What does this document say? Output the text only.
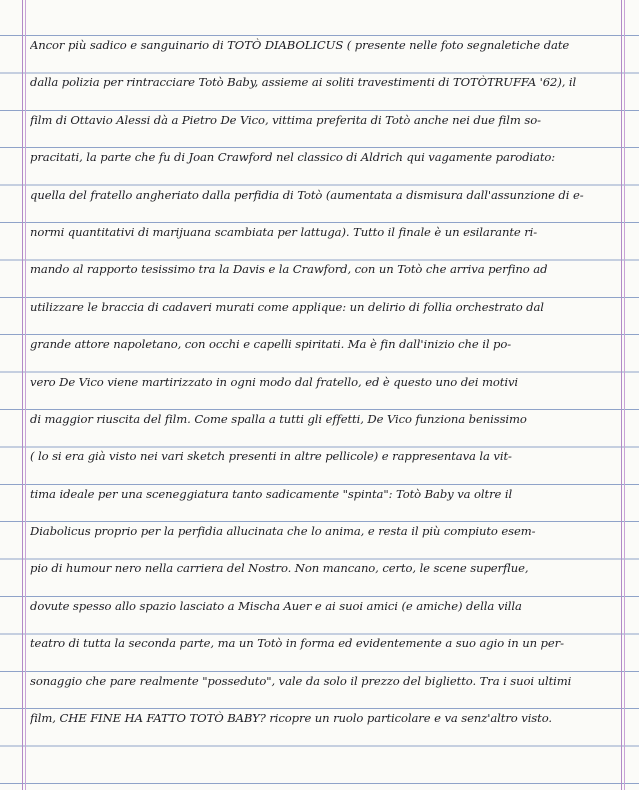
Ancor più sadico e sanguinario di TOTÒ DIABOLICUS ( presente nelle foto segnaletiche date
dalla polizia per rintracciare Totò Baby, assieme ai soliti travestimenti di TOTÒTRUFFA '62), il
film di Ottavio Alessi dà a Pietro De Vico, vittima preferita di Totò anche nei due film so-
pracitati, la parte che fu di Joan Crawford nel classico di Aldrich qui vagamente parodiato:
quella del fratello angheriato dalla perfidia di Totò (aumentata a dismisura dall'assunzione di e-
normi quantitativi di marijuana scambiata per lattuga). Tutto il finale è un esilarante ri-
mando al rapporto tesissimo tra la Davis e la Crawford, con un Totò che arriva perfino ad
utilizzare le braccia di cadaveri murati come applique: un delirio di follia orchestrato dal
grande attore napoletano, con occhi e capelli spiritati. Ma è fin dall'inizio che il po-
vero De Vico viene martirizzato in ogni modo dal fratello, ed è questo uno dei motivi
di maggior riuscita del film. Come spalla a tutti gli effetti, De Vico funziona benissimo
( lo si era già visto nei vari sketch presenti in altre pellicole) e rappresentava la vit-
tima ideale per una sceneggiatura tanto sadicamente "spinta": Totò Baby va oltre il
Diabolicus proprio per la perfidia allucinata che lo anima, e resta il più compiuto esem-
pio di humour nero nella carriera del Nostro. Non mancano, certo, le scene superflue,
dovute spesso allo spazio lasciato a Mischa Auer e ai suoi amici (e amiche) della villa
teatro di tutta la seconda parte, ma un Totò in forma ed evidentemente a suo agio in un per-
sonaggio che pare realmente "posseduto", vale da solo il prezzo del biglietto. Tra i suoi ultimi
film, CHE FINE HA FATTO TOTÒ BABY? ricopre un ruolo particolare e va senz'altro visto.
